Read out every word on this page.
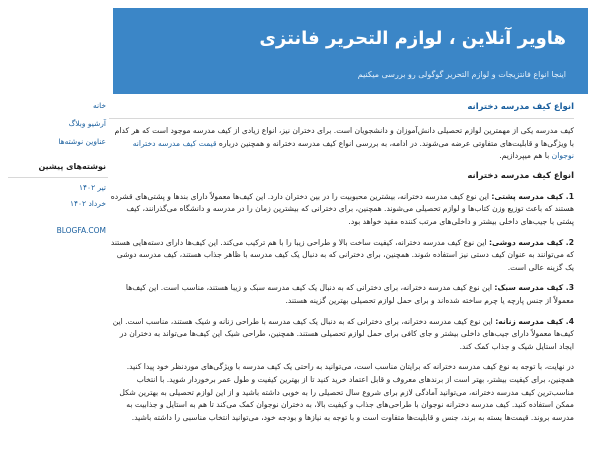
هاویر آنلاین ، لوازم التحریر فانتزی
اینجا انواع فانتزیجات و لوازم التحریر گوگولی رو بررسی میکنیم
انواع کیف مدرسه دخترانه

کیف مدرسه یکی از مهمترین لوازم تحصیلی دانش‌آموزان و دانشجویان است. برای دختران نیز، انواع زیادی از کیف مدرسه موجود است که هر کدام با ویژگی‌ها و قابلیت‌های متفاوتی عرضه می‌شوند. در ادامه، به بررسی انواع کیف مدرسه دخترانه و همچنین درباره قیمت کیف مدرسه دخترانه نوجوان با هم میپردازیم.

انواع کیف مدرسه دخترانه

1. کیف مدرسه پشتی: این نوع کیف مدرسه دخترانه، بیشترین محبوبیت را در بین دختران دارد. این کیف‌ها معمولاً دارای بندها و پشتی‌های قشرده هستند که باعث توزیع وزن کتاب‌ها و لوازم تحصیلی می‌شوند. همچنین، برای دخترانی که بیشترین زمان را در مدرسه و دانشگاه می‌گذرانند، کیف پشتی با جیب‌های داخلی بیشتر و داخلی‌های مرتب کننده مفید خواهد بود.

2. کیف مدرسه دوشی: این نوع کیف مدرسه دخترانه، کیفیت ساخت بالا و طراحی زیبا را با هم ترکیب می‌کند. این کیف‌ها دارای دسته‌هایی هستند که می‌توانند به عنوان کیف دستی نیز استفاده شوند. همچنین، برای دخترانی که به دنبال یک کیف مدرسه با ظاهر جذاب هستند، کیف مدرسه دوشی یک گزینه عالی است.

3. کیف مدرسه سبک: این نوع کیف مدرسه دخترانه، برای دخترانی که به دنبال یک کیف مدرسه سبک و زیبا هستند، مناسب است. این کیف‌ها معمولاً از جنس پارچه یا چرم ساخته شده‌اند و برای حمل لوازم تحصیلی بهترین گزینه هستند.

4. کیف مدرسه زنانه: این نوع کیف مدرسه دخترانه، برای دخترانی که به دنبال یک کیف مدرسه با طراحی زنانه و شیک هستند، مناسب است. این کیف‌ها معمولاً دارای جیب‌های داخلی بیشتر و جای کافی برای حمل لوازم تحصیلی هستند. همچنین، طراحی شیک این کیف‌ها می‌تواند به دختران در ایجاد استایل شیک و جذاب کمک کند.

در نهایت، با توجه به نوع کیف مدرسه دخترانه که برایتان مناسب است، می‌توانید به راحتی یک کیف مدرسه با ویژگی‌های موردنظر خود پیدا کنید. همچنین، برای کیفیت بیشتر، بهتر است از برندهای معروف و قابل اعتماد خرید کنید تا از بهترین کیفیت و طول عمر برخوردار شوید. با انتخاب مناسب‌ترین کیف مدرسه دخترانه، می‌توانید آمادگی لازم برای شروع سال تحصیلی را به خوبی داشته باشید و از این لوازم تحصیلی به بهترین شکل ممکن استفاده کنید. کیف مدرسه دخترانه نوجوان با طراحی‌های جذاب و کیفیت بالا، به دختران نوجوان کمک می‌کند تا هم به استایل و جذابیت به مدرسه بروند. قیمت‌ها بسته به برند، جنس و قابلیت‌ها متفاوت است و با توجه به نیازها و بودجه خود، می‌توانید انتخاب مناسبی را داشته باشید.

خانه
آرشیو وبلاگ
عناوین نوشته‌ها
نوشته‌های پیشین
تیر ۱۴۰۲
خرداد ۱۴۰۲
BLOGFA.COM
